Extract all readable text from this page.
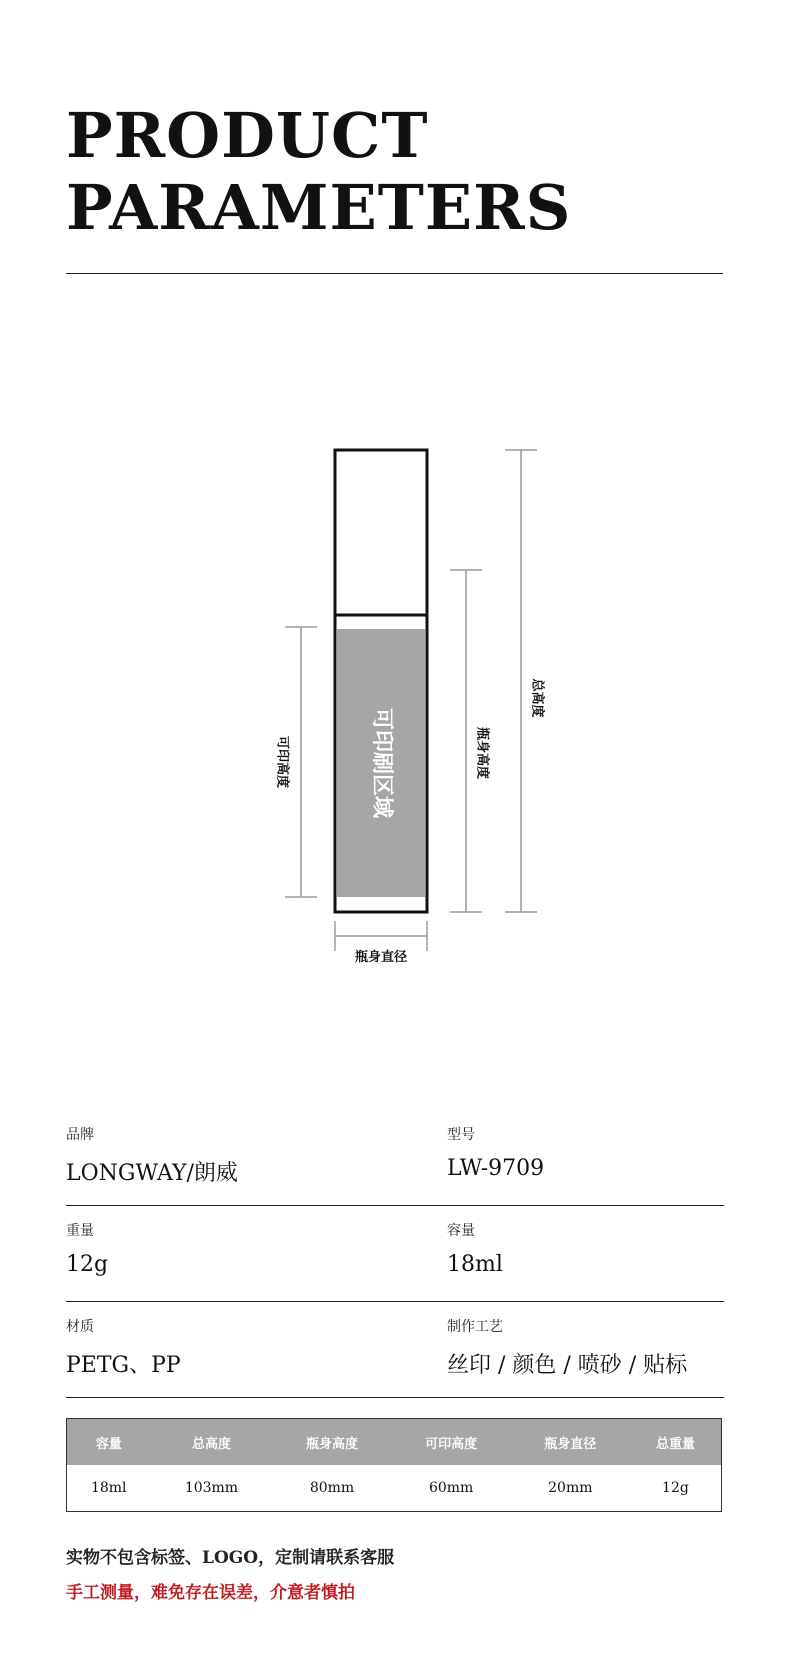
PRODUCT
PARAMETERS
可印刷区域
可印高度	瓶身高度
总高度
瓶身直径
品牌
LONGWAY/朗威
型号
LW-9709
重量
12g
容量
18ml
材质
PETG、PP
制作工艺
丝印 / 颜色 / 喷砂 / 贴标
容量	总高度	瓶身高度	可印高度	瓶身直径	总重量
18ml	103mm	80mm	60mm	20mm	12g
实物不包含标签、LOGO，定制请联系客服
手工测量，难免存在误差，介意者慎拍
